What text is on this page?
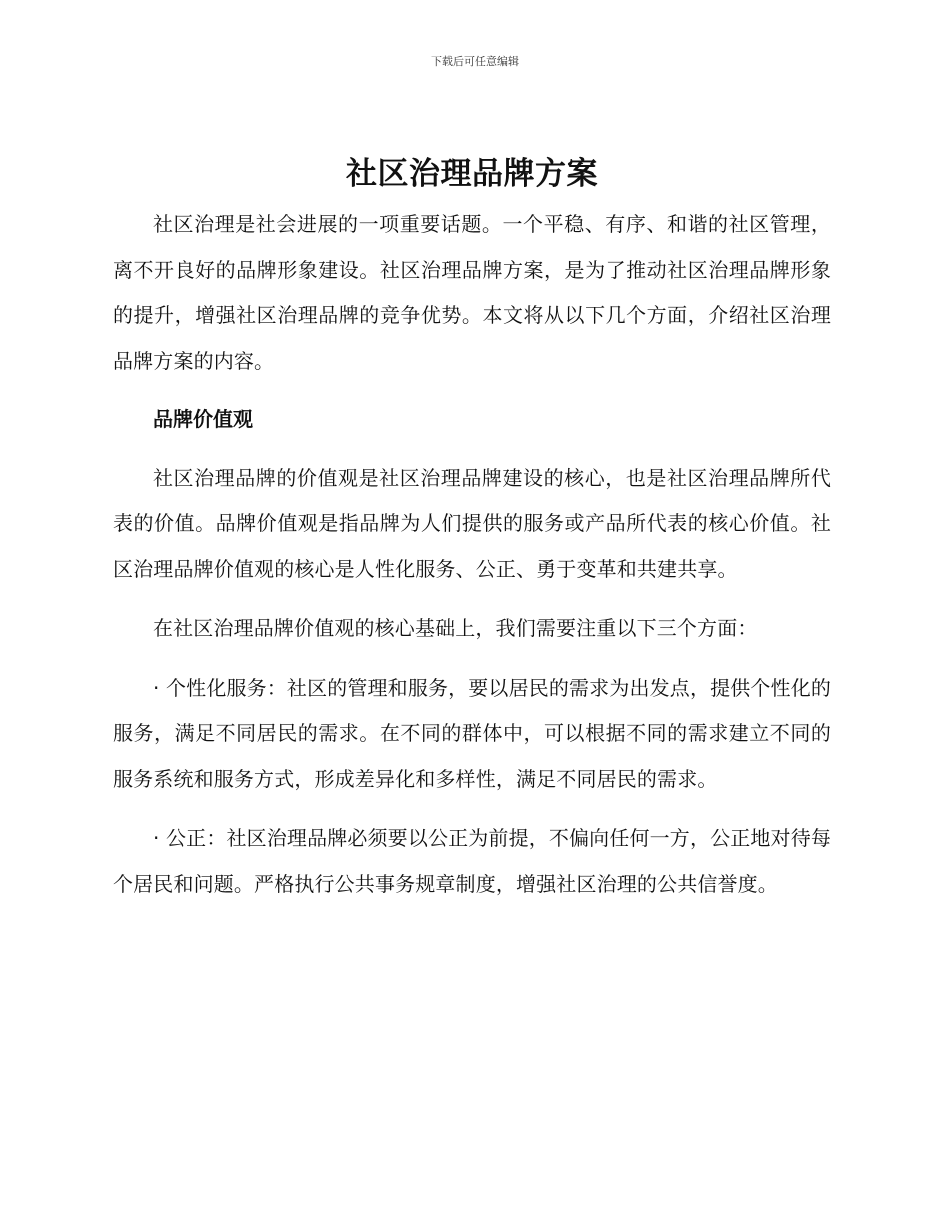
下载后可任意编辑
社区治理品牌方案

社区治理是社会进展的一项重要话题。一个平稳、有序、和谐的社区管理，离不开良好的品牌形象建设。社区治理品牌方案，是为了推动社区治理品牌形象的提升，增强社区治理品牌的竞争优势。本文将从以下几个方面，介绍社区治理品牌方案的内容。

品牌价值观

社区治理品牌的价值观是社区治理品牌建设的核心，也是社区治理品牌所代表的价值。品牌价值观是指品牌为人们提供的服务或产品所代表的核心价值。社区治理品牌价值观的核心是人性化服务、公正、勇于变革和共建共享。

在社区治理品牌价值观的核心基础上，我们需要注重以下三个方面：

· 个性化服务：社区的管理和服务，要以居民的需求为出发点，提供个性化的服务，满足不同居民的需求。在不同的群体中，可以根据不同的需求建立不同的服务系统和服务方式，形成差异化和多样性，满足不同居民的需求。

· 公正：社区治理品牌必须要以公正为前提，不偏向任何一方，公正地对待每个居民和问题。严格执行公共事务规章制度，增强社区治理的公共信誉度。
